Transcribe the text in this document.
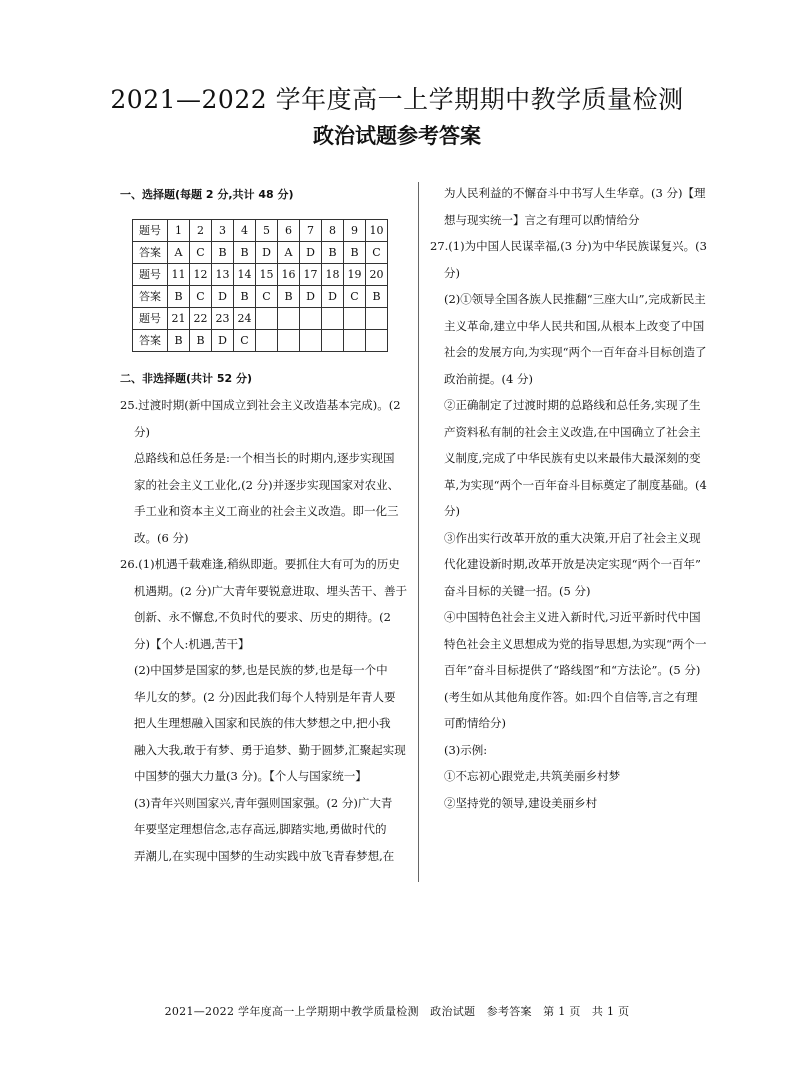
2021—2022 学年度高一上学期期中教学质量检测
政治试题参考答案

一、选择题(每题 2 分,共计 48 分)

题号	1	2	3	4	5	6	7	8	9	10
答案	A	C	B	B	D	A	D	B	B	C
题号	11	12	13	14	15	16	17	18	19	20
答案	B	C	D	B	C	B	D	D	C	B
题号	21	22	23	24						
答案	B	B	D	C						

二、非选择题(共计 52 分)

25.过渡时期(新中国成立到社会主义改造基本完成)。(2

分)

总路线和总任务是:一个相当长的时期内,逐步实现国

家的社会主义工业化,(2 分)并逐步实现国家对农业、

手工业和资本主义工商业的社会主义改造。即一化三

改。(6 分)

26.(1)机遇千载难逢,稍纵即逝。要抓住大有可为的历史

机遇期。(2 分)广大青年要锐意进取、埋头苦干、善于

创新、永不懈怠,不负时代的要求、历史的期待。(2

分)【个人:机遇,苦干】

(2)中国梦是国家的梦,也是民族的梦,也是每一个中

华儿女的梦。(2 分)因此我们每个人特别是年青人要

把人生理想融入国家和民族的伟大梦想之中,把小我

融入大我,敢于有梦、勇于追梦、勤于圆梦,汇聚起实现

中国梦的强大力量(3 分)。【个人与国家统一】

(3)青年兴则国家兴,青年强则国家强。(2 分)广大青

年要坚定理想信念,志存高远,脚踏实地,勇做时代的

弄潮儿,在实现中国梦的生动实践中放飞青春梦想,在

为人民利益的不懈奋斗中书写人生华章。(3 分)【理

想与现实统一】言之有理可以酌情给分

27.(1)为中国人民谋幸福,(3 分)为中华民族谋复兴。(3

分)

(2)①领导全国各族人民推翻“三座大山”,完成新民主

主义革命,建立中华人民共和国,从根本上改变了中国

社会的发展方向,为实现“两个一百年奋斗目标创造了

政治前提。(4 分)

②正确制定了过渡时期的总路线和总任务,实现了生

产资料私有制的社会主义改造,在中国确立了社会主

义制度,完成了中华民族有史以来最伟大最深刻的变

革,为实现“两个一百年奋斗目标奠定了制度基础。(4

分)

③作出实行改革开放的重大决策,开启了社会主义现

代化建设新时期,改革开放是决定实现“两个一百年”

奋斗目标的关键一招。(5 分)

④中国特色社会主义进入新时代,习近平新时代中国

特色社会主义思想成为党的指导思想,为实现“两个一

百年”奋斗目标提供了“路线图”和“方法论”。(5 分)

(考生如从其他角度作答。如:四个自信等,言之有理

可酌情给分)

(3)示例:

①不忘初心跟党走,共筑美丽乡村梦

②坚持党的领导,建设美丽乡村

2021—2022 学年度高一上学期期中教学质量检测　政治试题　参考答案　第 1 页　共 1 页
